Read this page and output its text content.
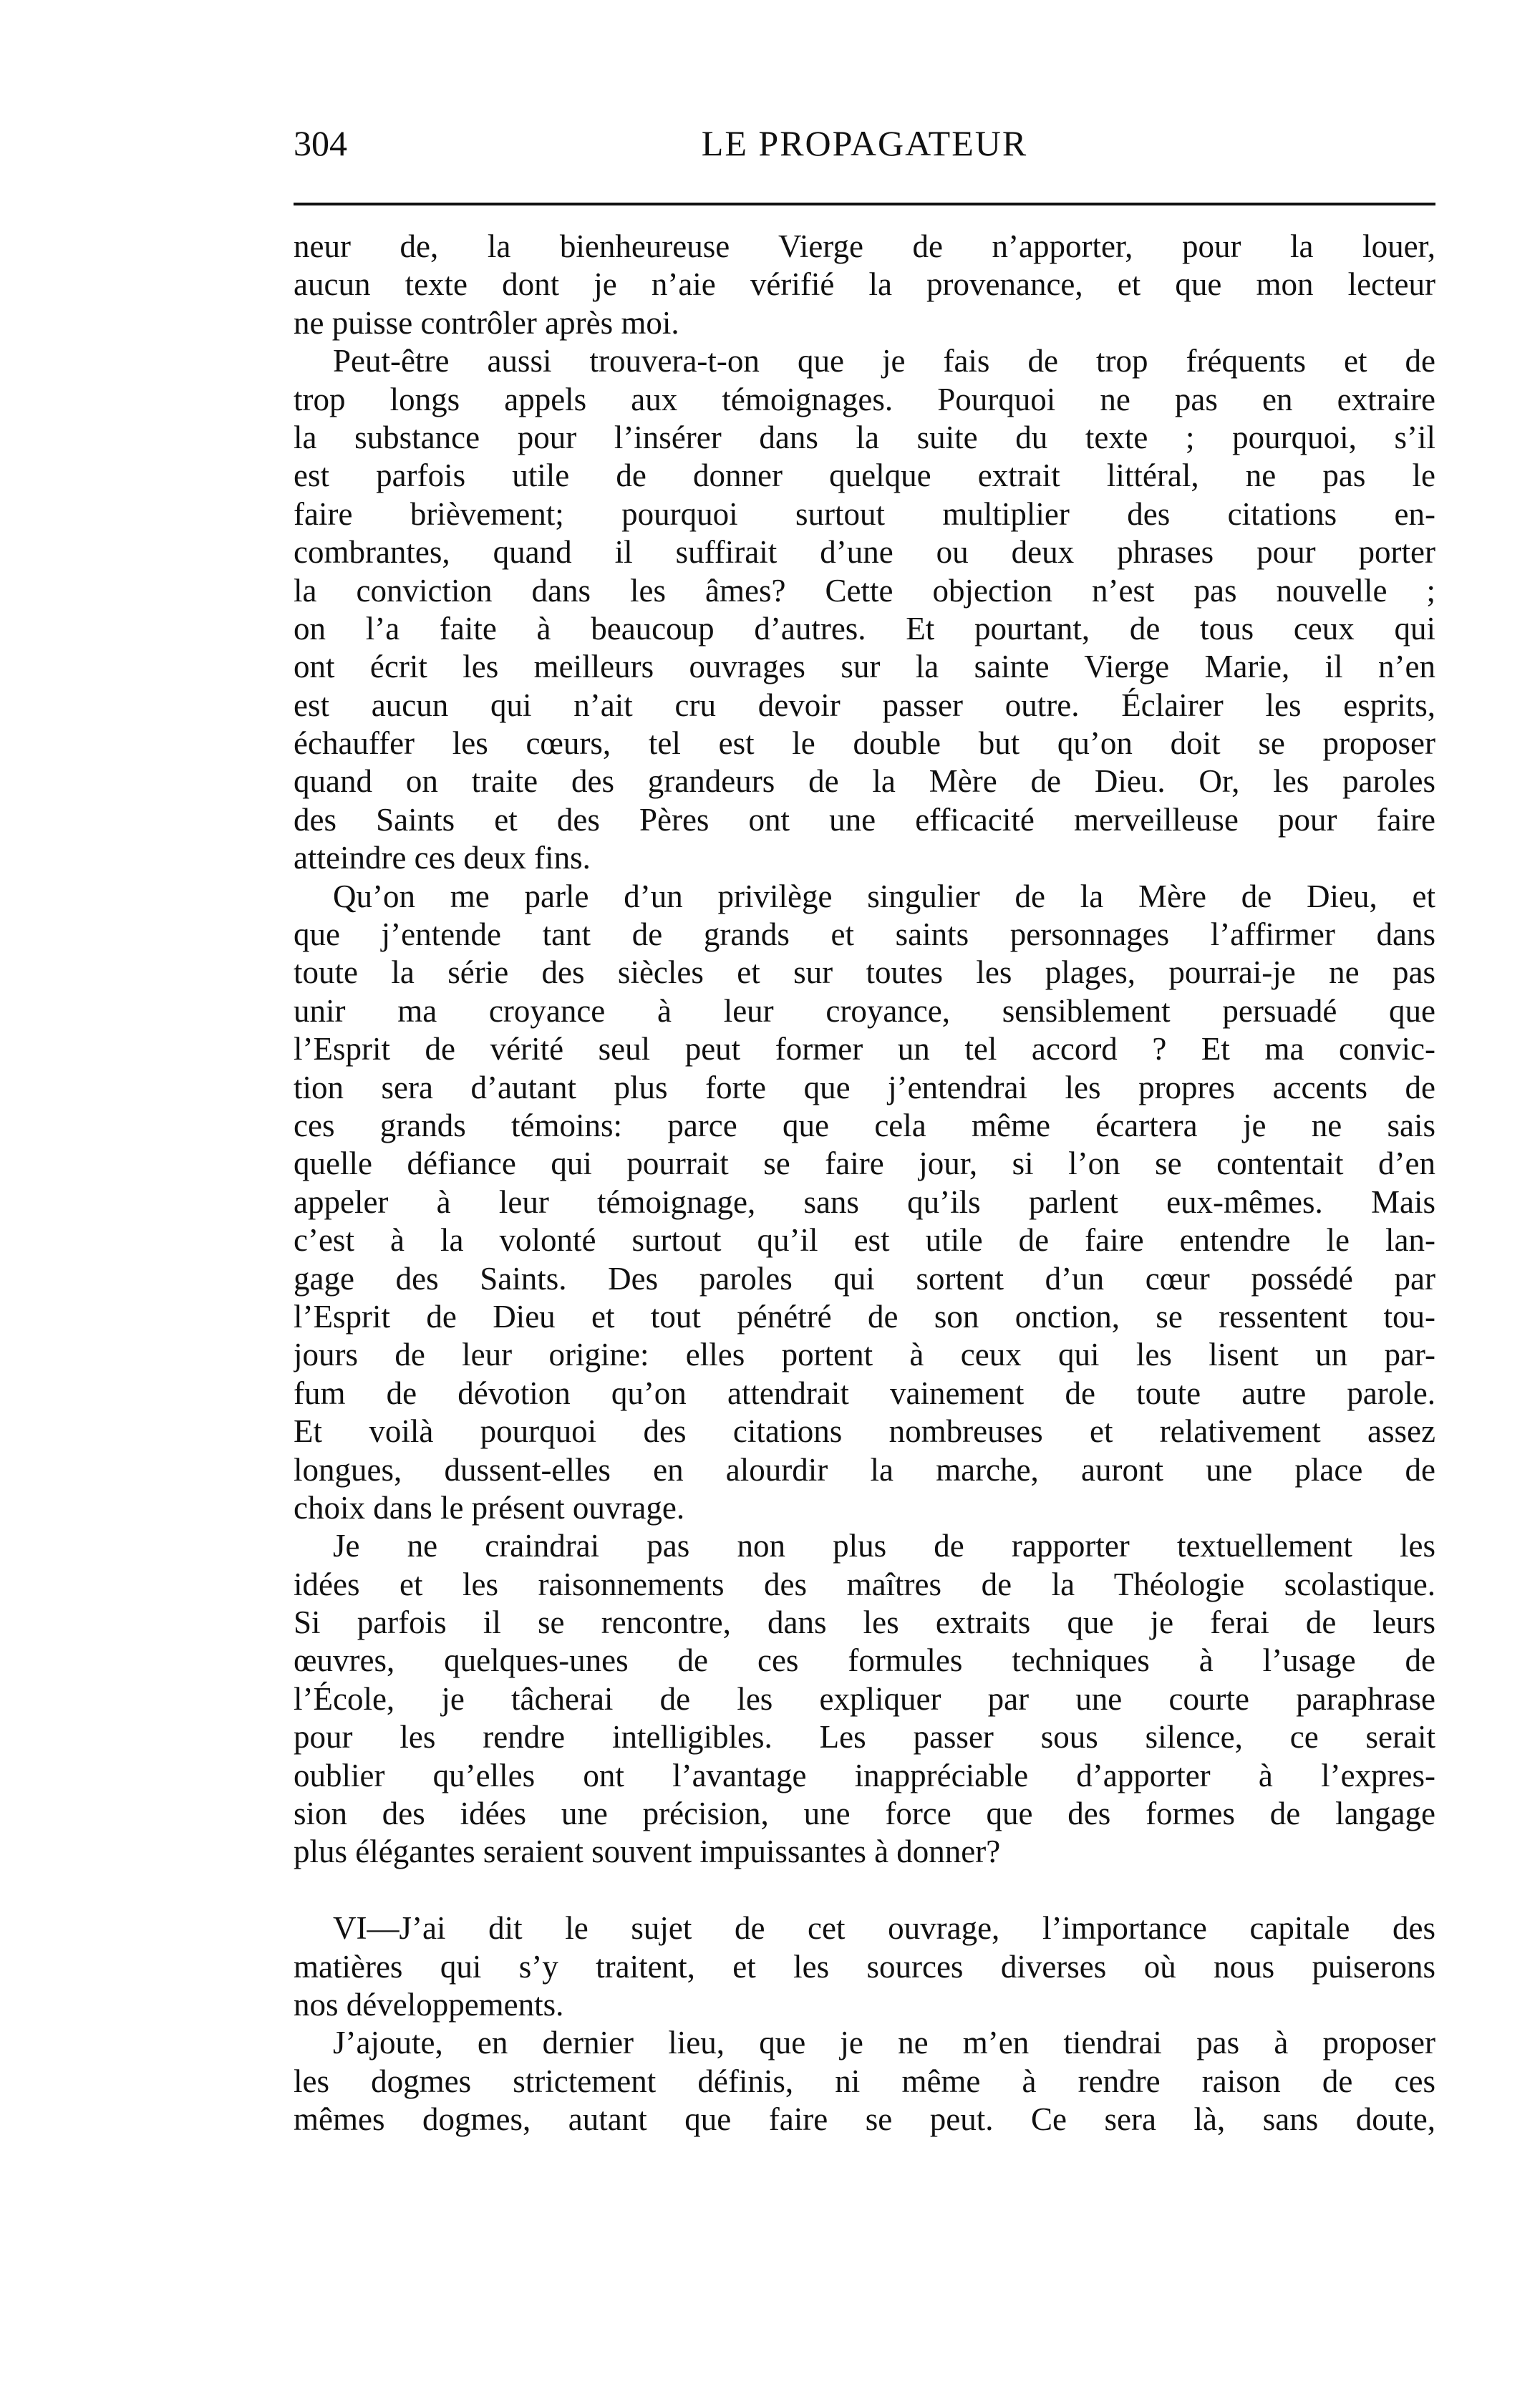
304	LE PROPAGATEUR
neur de, la bienheureuse Vierge de n’apporter, pour la louer,
aucun texte dont je n’aie vérifié la provenance, et que mon lecteur
ne puisse contrôler après moi.
Peut-être aussi trouvera-t-on que je fais de trop fréquents et de
trop longs appels aux témoignages. Pourquoi ne pas en extraire
la substance pour l’insérer dans la suite du texte ; pourquoi, s’il
est parfois utile de donner quelque extrait littéral, ne pas le
faire brièvement; pourquoi surtout multiplier des citations en-
combrantes, quand il suffirait d’une ou deux phrases pour porter
la conviction dans les âmes? Cette objection n’est pas nouvelle ;
on l’a faite à beaucoup d’autres. Et pourtant, de tous ceux qui
ont écrit les meilleurs ouvrages sur la sainte Vierge Marie, il n’en
est aucun qui n’ait cru devoir passer outre. Éclairer les esprits,
échauffer les cœurs, tel est le double but qu’on doit se proposer
quand on traite des grandeurs de la Mère de Dieu. Or, les paroles
des Saints et des Pères ont une efficacité merveilleuse pour faire
atteindre ces deux fins.
Qu’on me parle d’un privilège singulier de la Mère de Dieu, et
que j’entende tant de grands et saints personnages l’affirmer dans
toute la série des siècles et sur toutes les plages, pourrai-je ne pas
unir ma croyance à leur croyance, sensiblement persuadé que
l’Esprit de vérité seul peut former un tel accord ? Et ma convic-
tion sera d’autant plus forte que j’entendrai les propres accents de
ces grands témoins: parce que cela même écartera je ne sais
quelle défiance qui pourrait se faire jour, si l’on se contentait d’en
appeler à leur témoignage, sans qu’ils parlent eux-mêmes. Mais
c’est à la volonté surtout qu’il est utile de faire entendre le lan-
gage des Saints. Des paroles qui sortent d’un cœur possédé par
l’Esprit de Dieu et tout pénétré de son onction, se ressentent tou-
jours de leur origine: elles portent à ceux qui les lisent un par-
fum de dévotion qu’on attendrait vainement de toute autre parole.
Et voilà pourquoi des citations nombreuses et relativement assez
longues, dussent-elles en alourdir la marche, auront une place de
choix dans le présent ouvrage.
Je ne craindrai pas non plus de rapporter textuellement les
idées et les raisonnements des maîtres de la Théologie scolastique.
Si parfois il se rencontre, dans les extraits que je ferai de leurs
œuvres, quelques-unes de ces formules techniques à l’usage de
l’École, je tâcherai de les expliquer par une courte paraphrase
pour les rendre intelligibles. Les passer sous silence, ce serait
oublier qu’elles ont l’avantage inappréciable d’apporter à l’expres-
sion des idées une précision, une force que des formes de langage
plus élégantes seraient souvent impuissantes à donner?
VI—J’ai dit le sujet de cet ouvrage, l’importance capitale des
matières qui s’y traitent, et les sources diverses où nous puiserons
nos développements.
J’ajoute, en dernier lieu, que je ne m’en tiendrai pas à proposer
les dogmes strictement définis, ni même à rendre raison de ces
mêmes dogmes, autant que faire se peut. Ce sera là, sans doute,
